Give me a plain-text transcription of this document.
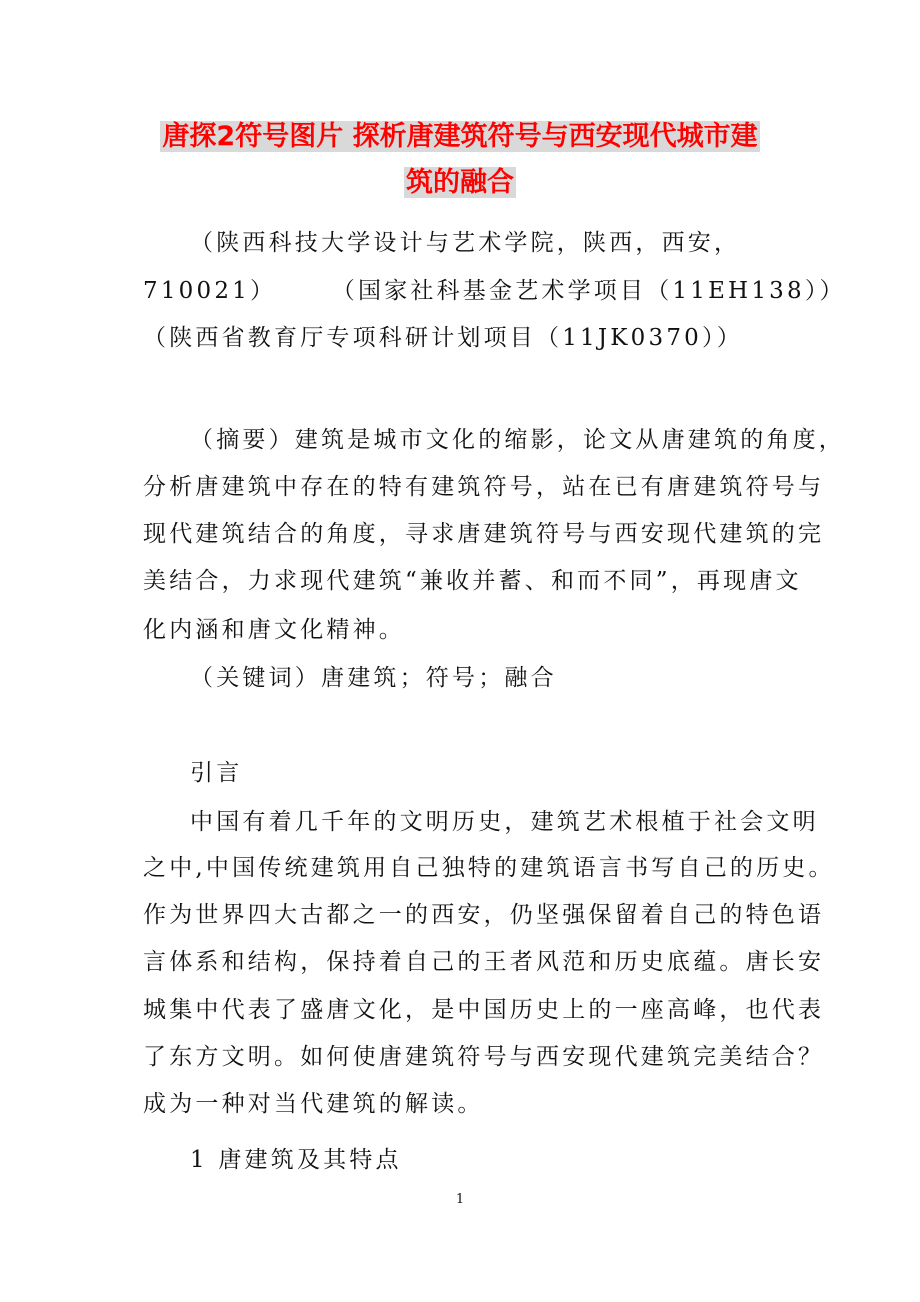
唐探2符号图片 探析唐建筑符号与西安现代城市建
筑的融合
（陕西科技大学设计与艺术学院，陕西，西安，
710021）　　　（国家社科基金艺术学项目（11EH138））
（陕西省教育厅专项科研计划项目（11JK0370））
（摘要）建筑是城市文化的缩影，论文从唐建筑的角度，
分析唐建筑中存在的特有建筑符号，站在已有唐建筑符号与
现代建筑结合的角度，寻求唐建筑符号与西安现代建筑的完
美结合，力求现代建筑“兼收并蓄、和而不同”，再现唐文
化内涵和唐文化精神。
（关键词）唐建筑；符号；融合
引言
中国有着几千年的文明历史，建筑艺术根植于社会文明
之中,中国传统建筑用自己独特的建筑语言书写自己的历史。
作为世界四大古都之一的西安，仍坚强保留着自己的特色语
言体系和结构，保持着自己的王者风范和历史底蕴。唐长安
城集中代表了盛唐文化，是中国历史上的一座高峰，也代表
了东方文明。如何使唐建筑符号与西安现代建筑完美结合？
成为一种对当代建筑的解读。
1 唐建筑及其特点
1
